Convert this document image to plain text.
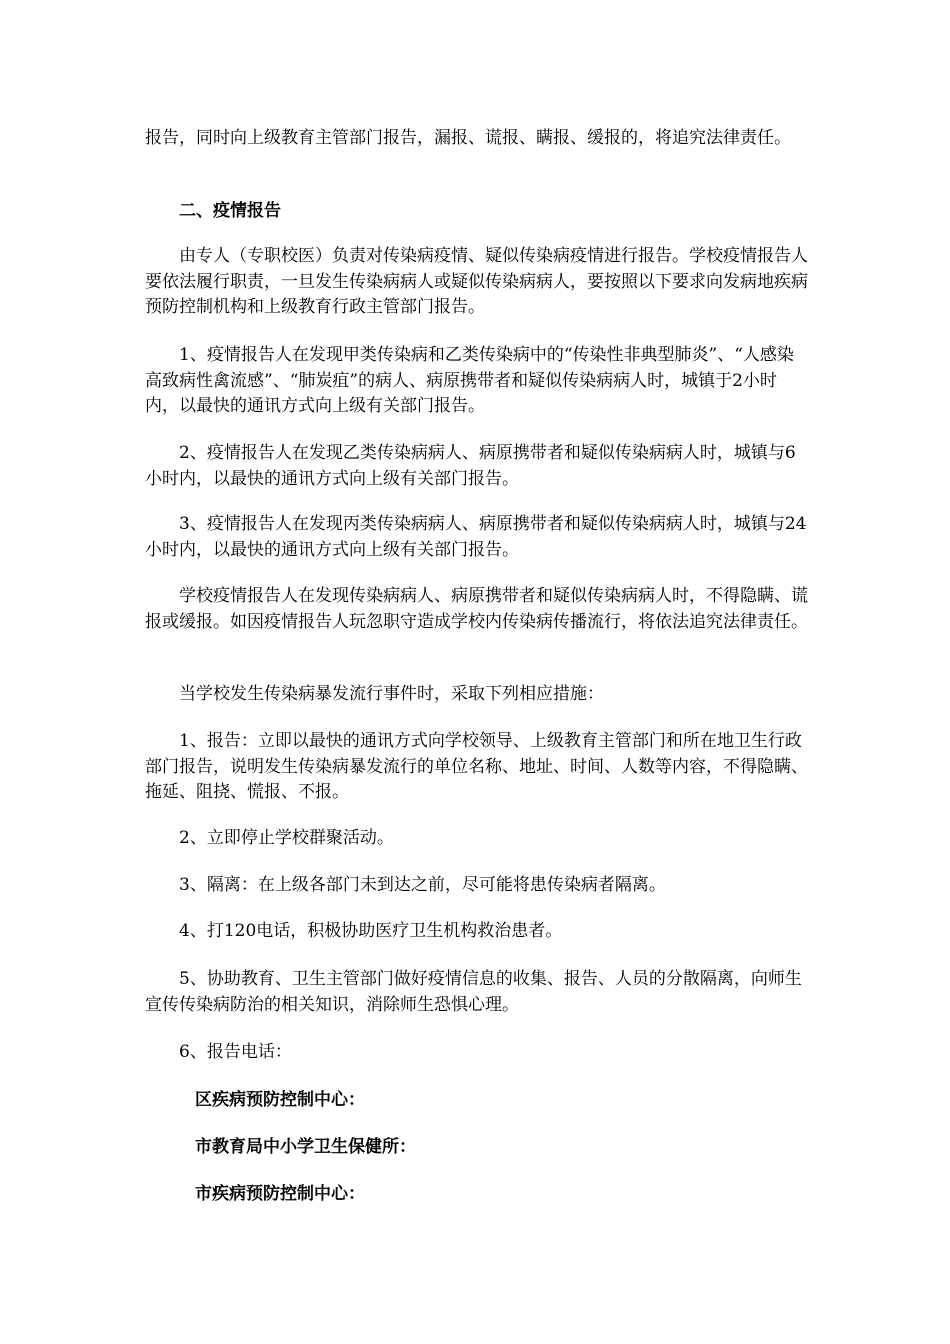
报告，同时向上级教育主管部门报告，漏报、谎报、瞒报、缓报的，将追究法律责任。

二、疫情报告

由专人（专职校医）负责对传染病疫情、疑似传染病疫情进行报告。学校疫情报告人要依法履行职责，一旦发生传染病病人或疑似传染病病人，要按照以下要求向发病地疾病预防控制机构和上级教育行政主管部门报告。

1、疫情报告人在发现甲类传染病和乙类传染病中的“传染性非典型肺炎”、“人感染高致病性禽流感”、“肺炭疽”的病人、病原携带者和疑似传染病病人时，城镇于2小时内，以最快的通讯方式向上级有关部门报告。

2、疫情报告人在发现乙类传染病病人、病原携带者和疑似传染病病人时，城镇与6小时内，以最快的通讯方式向上级有关部门报告。

3、疫情报告人在发现丙类传染病病人、病原携带者和疑似传染病病人时，城镇与24小时内，以最快的通讯方式向上级有关部门报告。

学校疫情报告人在发现传染病病人、病原携带者和疑似传染病病人时，不得隐瞒、谎报或缓报。如因疫情报告人玩忽职守造成学校内传染病传播流行，将依法追究法律责任。

当学校发生传染病暴发流行事件时，采取下列相应措施：

1、报告：立即以最快的通讯方式向学校领导、上级教育主管部门和所在地卫生行政部门报告，说明发生传染病暴发流行的单位名称、地址、时间、人数等内容，不得隐瞒、拖延、阻挠、慌报、不报。

2、立即停止学校群聚活动。

3、隔离：在上级各部门未到达之前，尽可能将患传染病者隔离。

4、打120电话，积极协助医疗卫生机构救治患者。

5、协助教育、卫生主管部门做好疫情信息的收集、报告、人员的分散隔离，向师生宣传传染病防治的相关知识，消除师生恐惧心理。

6、报告电话：

区疾病预防控制中心：

市教育局中小学卫生保健所：

市疾病预防控制中心：
